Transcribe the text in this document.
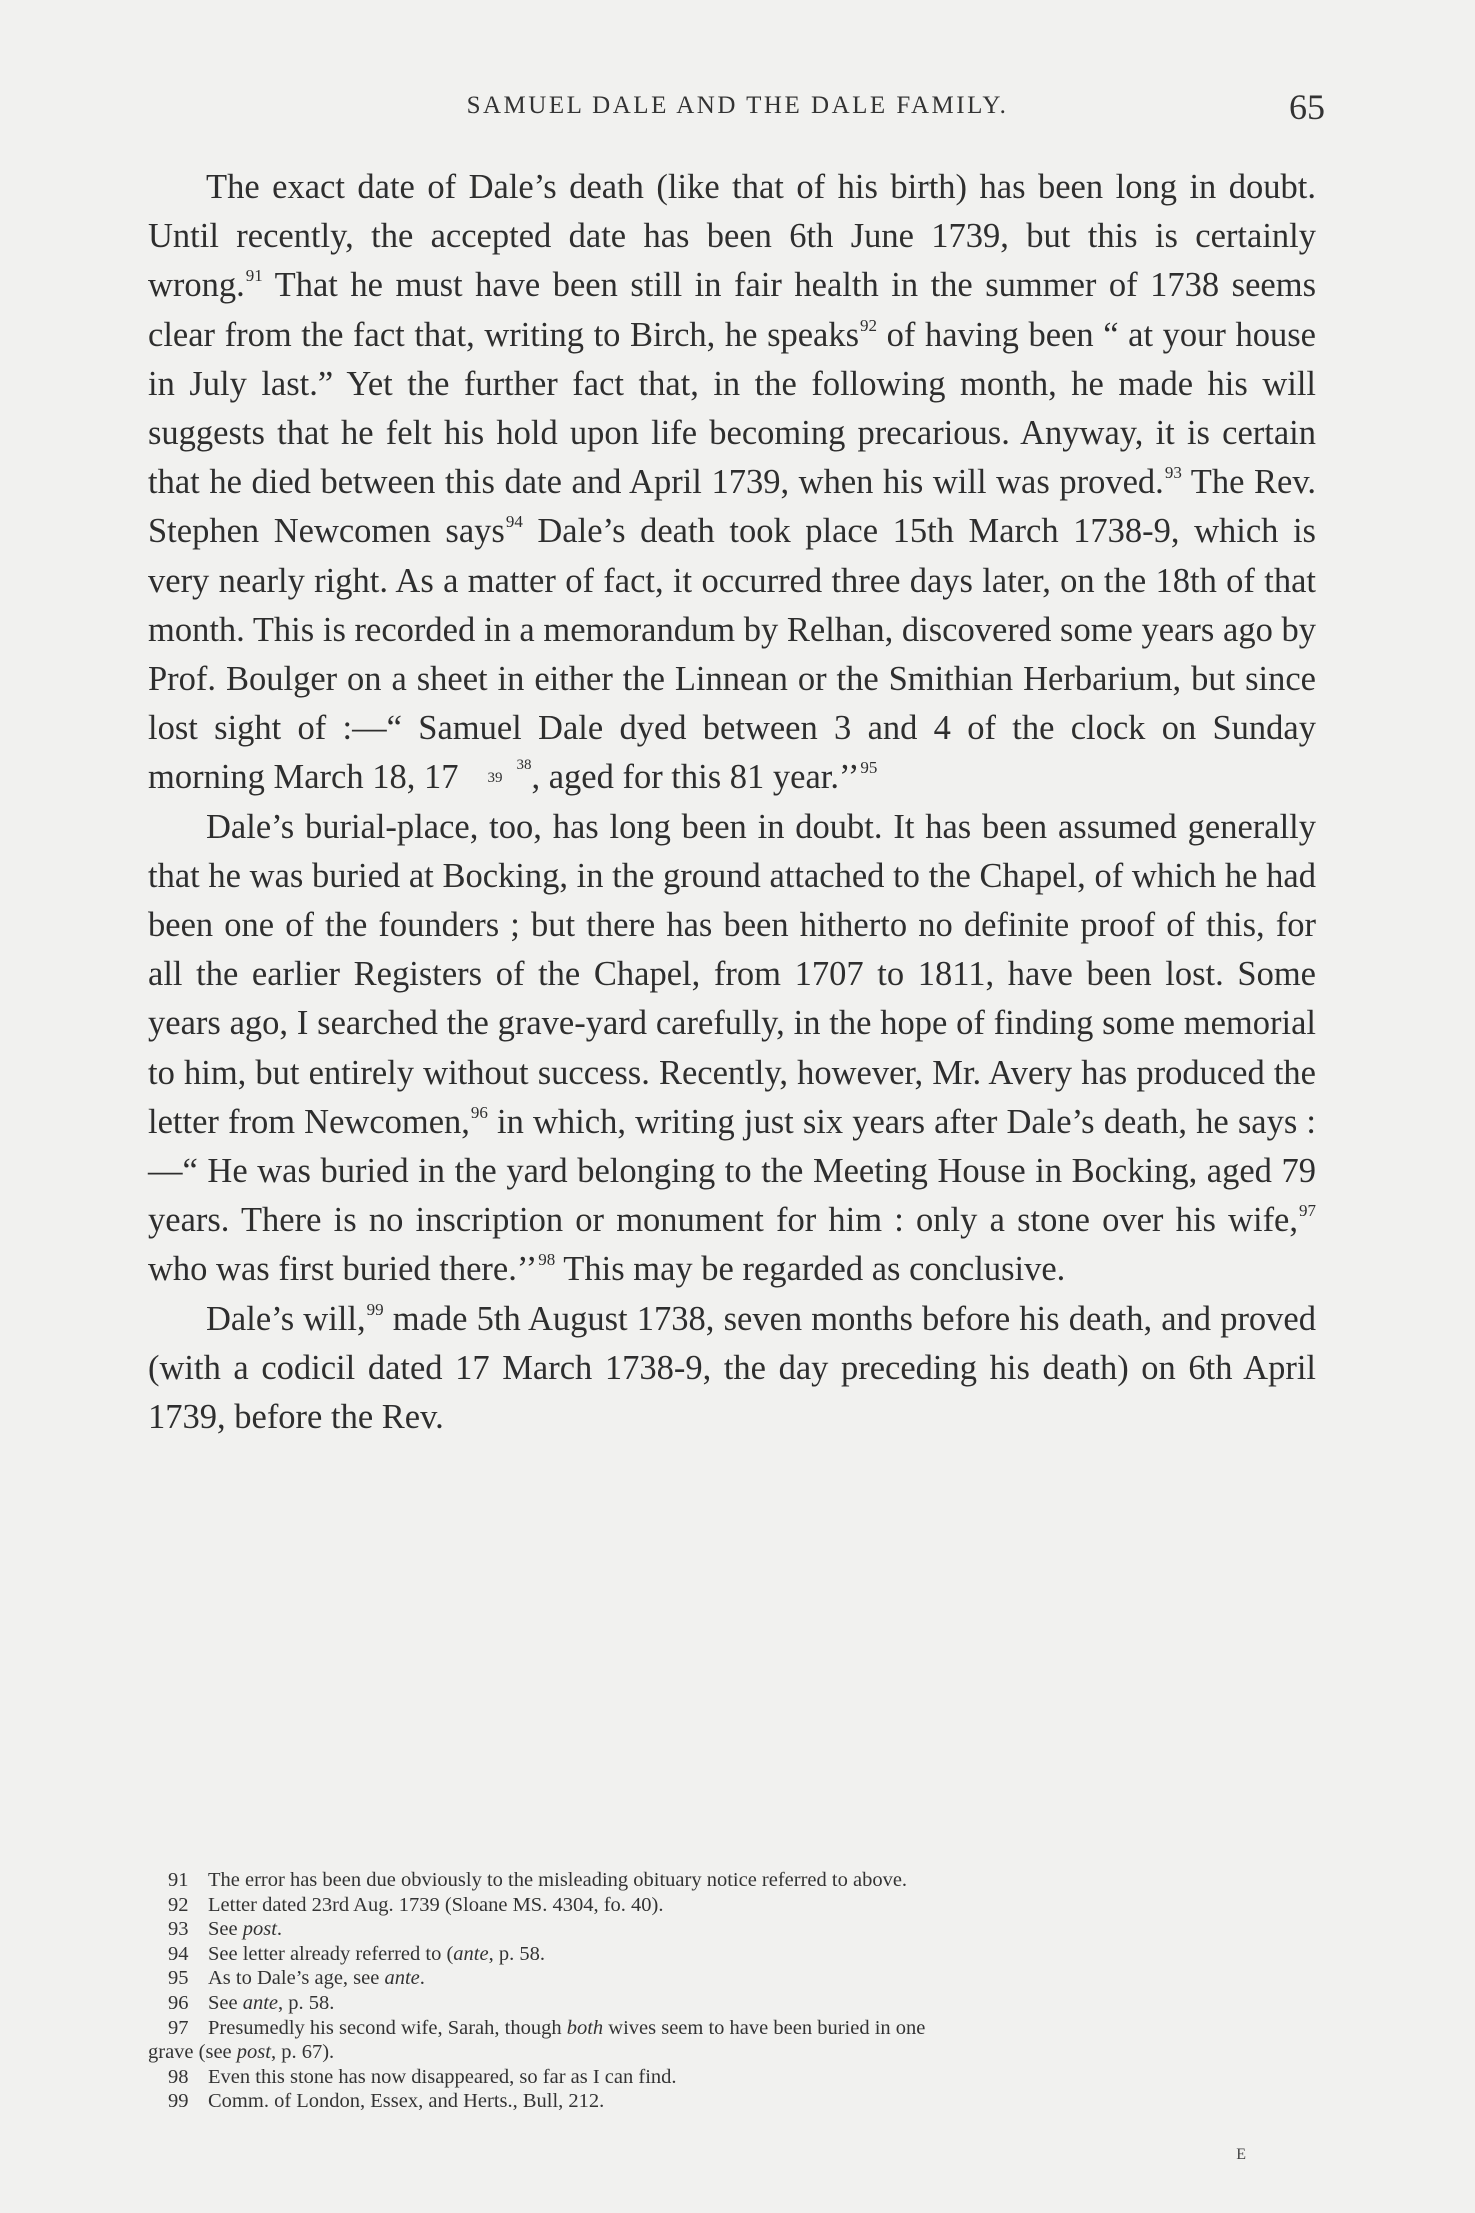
SAMUEL DALE AND THE DALE FAMILY.	65

The exact date of Dale’s death (like that of his birth) has been long in doubt. Until recently, the accepted date has been 6th June 1739, but this is certainly wrong.$^{91}$ That he must have been still in fair health in the summer of 1738 seems clear from the fact that, writing to Birch, he speaks$^{92}$ of having been “ at your house in July last.” Yet the further fact that, in the following month, he made his will suggests that he felt his hold upon life becoming precarious. Anyway, it is certain that he died between this date and April 1739, when his will was proved.$^{93}$ The Rev. Stephen Newcomen says$^{94}$ Dale’s death took place 15th March 1738-9, which is very nearly right. As a matter of fact, it occurred three days later, on the 18th of that month. This is recorded in a memorandum by Relhan, discovered some years ago by Prof. Boulger on a sheet in either the Linnean or the Smithian Herbarium, but since lost sight of :—“ Samuel Dale dyed between 3 and 4 of the clock on Sunday morning March 18, 17	38
39 , aged for this 81 year.’’$^{95}$

Dale’s burial-place, too, has long been in doubt. It has been assumed generally that he was buried at Bocking, in the ground attached to the Chapel, of which he had been one of the founders ; but there has been hitherto no definite proof of this, for all the earlier Registers of the Chapel, from 1707 to 1811, have been lost. Some years ago, I searched the grave-yard carefully, in the hope of finding some memorial to him, but entirely without success. Recently, however, Mr. Avery has produced the letter from Newcomen,$^{96}$ in which, writing just six years after Dale’s death, he says :—“ He was buried in the yard belonging to the Meeting House in Bocking, aged 79 years. There is no inscription or monument for him : only a stone over his wife,$^{97}$ who was first buried there.’’$^{98}$ This may be regarded as conclusive.

Dale’s will,$^{99}$ made 5th August 1738, seven months before his death, and proved (with a codicil dated 17 March 1738-9, the day preceding his death) on 6th April 1739, before the Rev.

91 The error has been due obviously to the misleading obituary notice referred to above.
92 Letter dated 23rd Aug. 1739 (Sloane MS. 4304, fo. 40).
93 See post.
94 See letter already referred to (ante, p. 58.
95 As to Dale’s age, see ante.
96 See ante, p. 58.
97 Presumedly his second wife, Sarah, though both wives seem to have been buried in one
grave (see post, p. 67).
98 Even this stone has now disappeared, so far as I can find.
99 Comm. of London, Essex, and Herts., Bull, 212.
E
